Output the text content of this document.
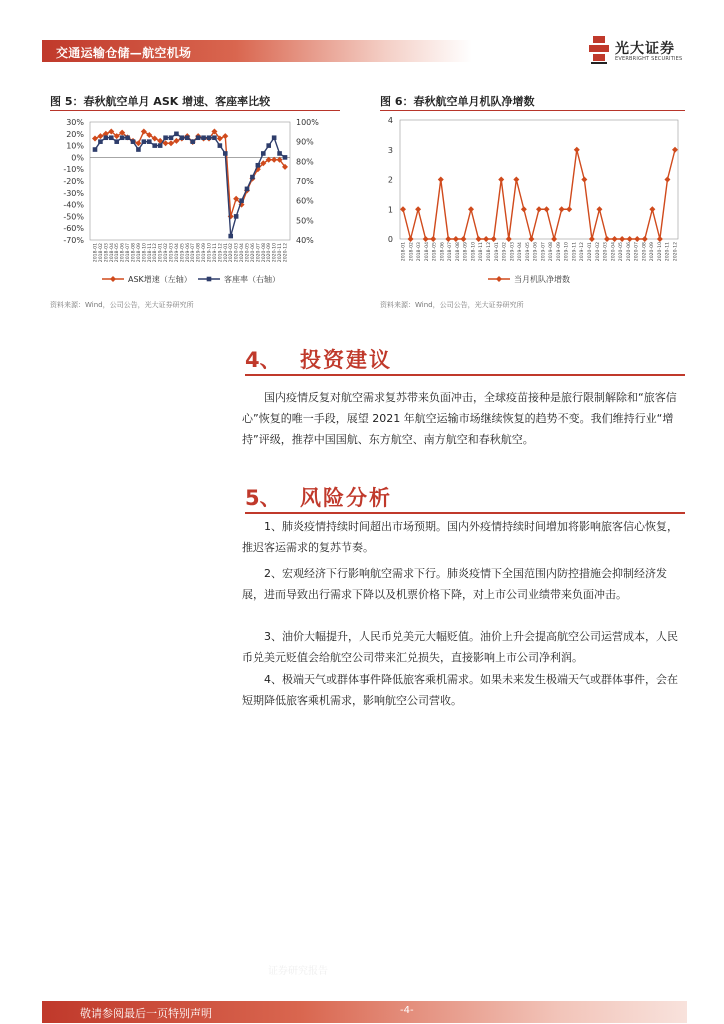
交通运输仓储—航空机场	光大证券
EVERBRIGHT SECURITIES
图 5：春秋航空单月 ASK 增速、客座率比较
30%
20%
10%
0%
-10%
-20%
-30%
-40%
-50%
-60%
-70%
100%
90%
80%
70%
60%
50%
40%
2018-01 2018-02 2018-03 2018-04 2018-05 2018-06 2018-07 2018-08 2018-09 2018-10 2018-11 2018-12 2019-01 2019-02 2019-03 2019-04 2019-05 2019-06 2019-07 2019-08 2019-09 2019-10 2019-11 2019-12 2020-01 2020-02 2020-03 2020-04 2020-05 2020-06 2020-07 2020-08 2020-09 2020-10 2020-11 2020-12
ASK增速（左轴）	客座率（右轴）
资料来源：Wind，公司公告，光大证券研究所
图 6：春秋航空单月机队净增数
4
3
2
1
0
2018-01 2018-02 2018-03 2018-04 2018-05 2018-06 2018-07 2018-08 2018-09 2018-10 2018-11 2018-12 2019-01 2019-02 2019-03 2019-04 2019-05 2019-06 2019-07 2019-08 2019-09 2019-10 2019-11 2019-12 2020-01 2020-02 2020-03 2020-04 2020-05 2020-06 2020-07 2020-08 2020-09 2020-10 2020-11 2020-12
当月机队净增数
资料来源：Wind，公司公告，光大证券研究所
4、 投资建议

国内疫情反复对航空需求复苏带来负面冲击，全球疫苗接种是旅行限制解除和“旅客信心”恢复的唯一手段，展望 2021 年航空运输市场继续恢复的趋势不变。我们维持行业“增持”评级，推荐中国国航、东方航空、南方航空和春秋航空。

5、 风险分析

1、肺炎疫情持续时间超出市场预期。国内外疫情持续时间增加将影响旅客信心恢复，推迟客运需求的复苏节奏。

2、宏观经济下行影响航空需求下行。肺炎疫情下全国范围内防控措施会抑制经济发展，进而导致出行需求下降以及机票价格下降，对上市公司业绩带来负面冲击。

3、油价大幅提升，人民币兑美元大幅贬值。油价上升会提高航空公司运营成本，人民币兑美元贬值会给航空公司带来汇兑损失，直接影响上市公司净利润。

4、极端天气或群体事件降低旅客乘机需求。如果未来发生极端天气或群体事件，会在短期降低旅客乘机需求，影响航空公司营收。

证券研究报告
敬请参阅最后一页特别声明	-4-
